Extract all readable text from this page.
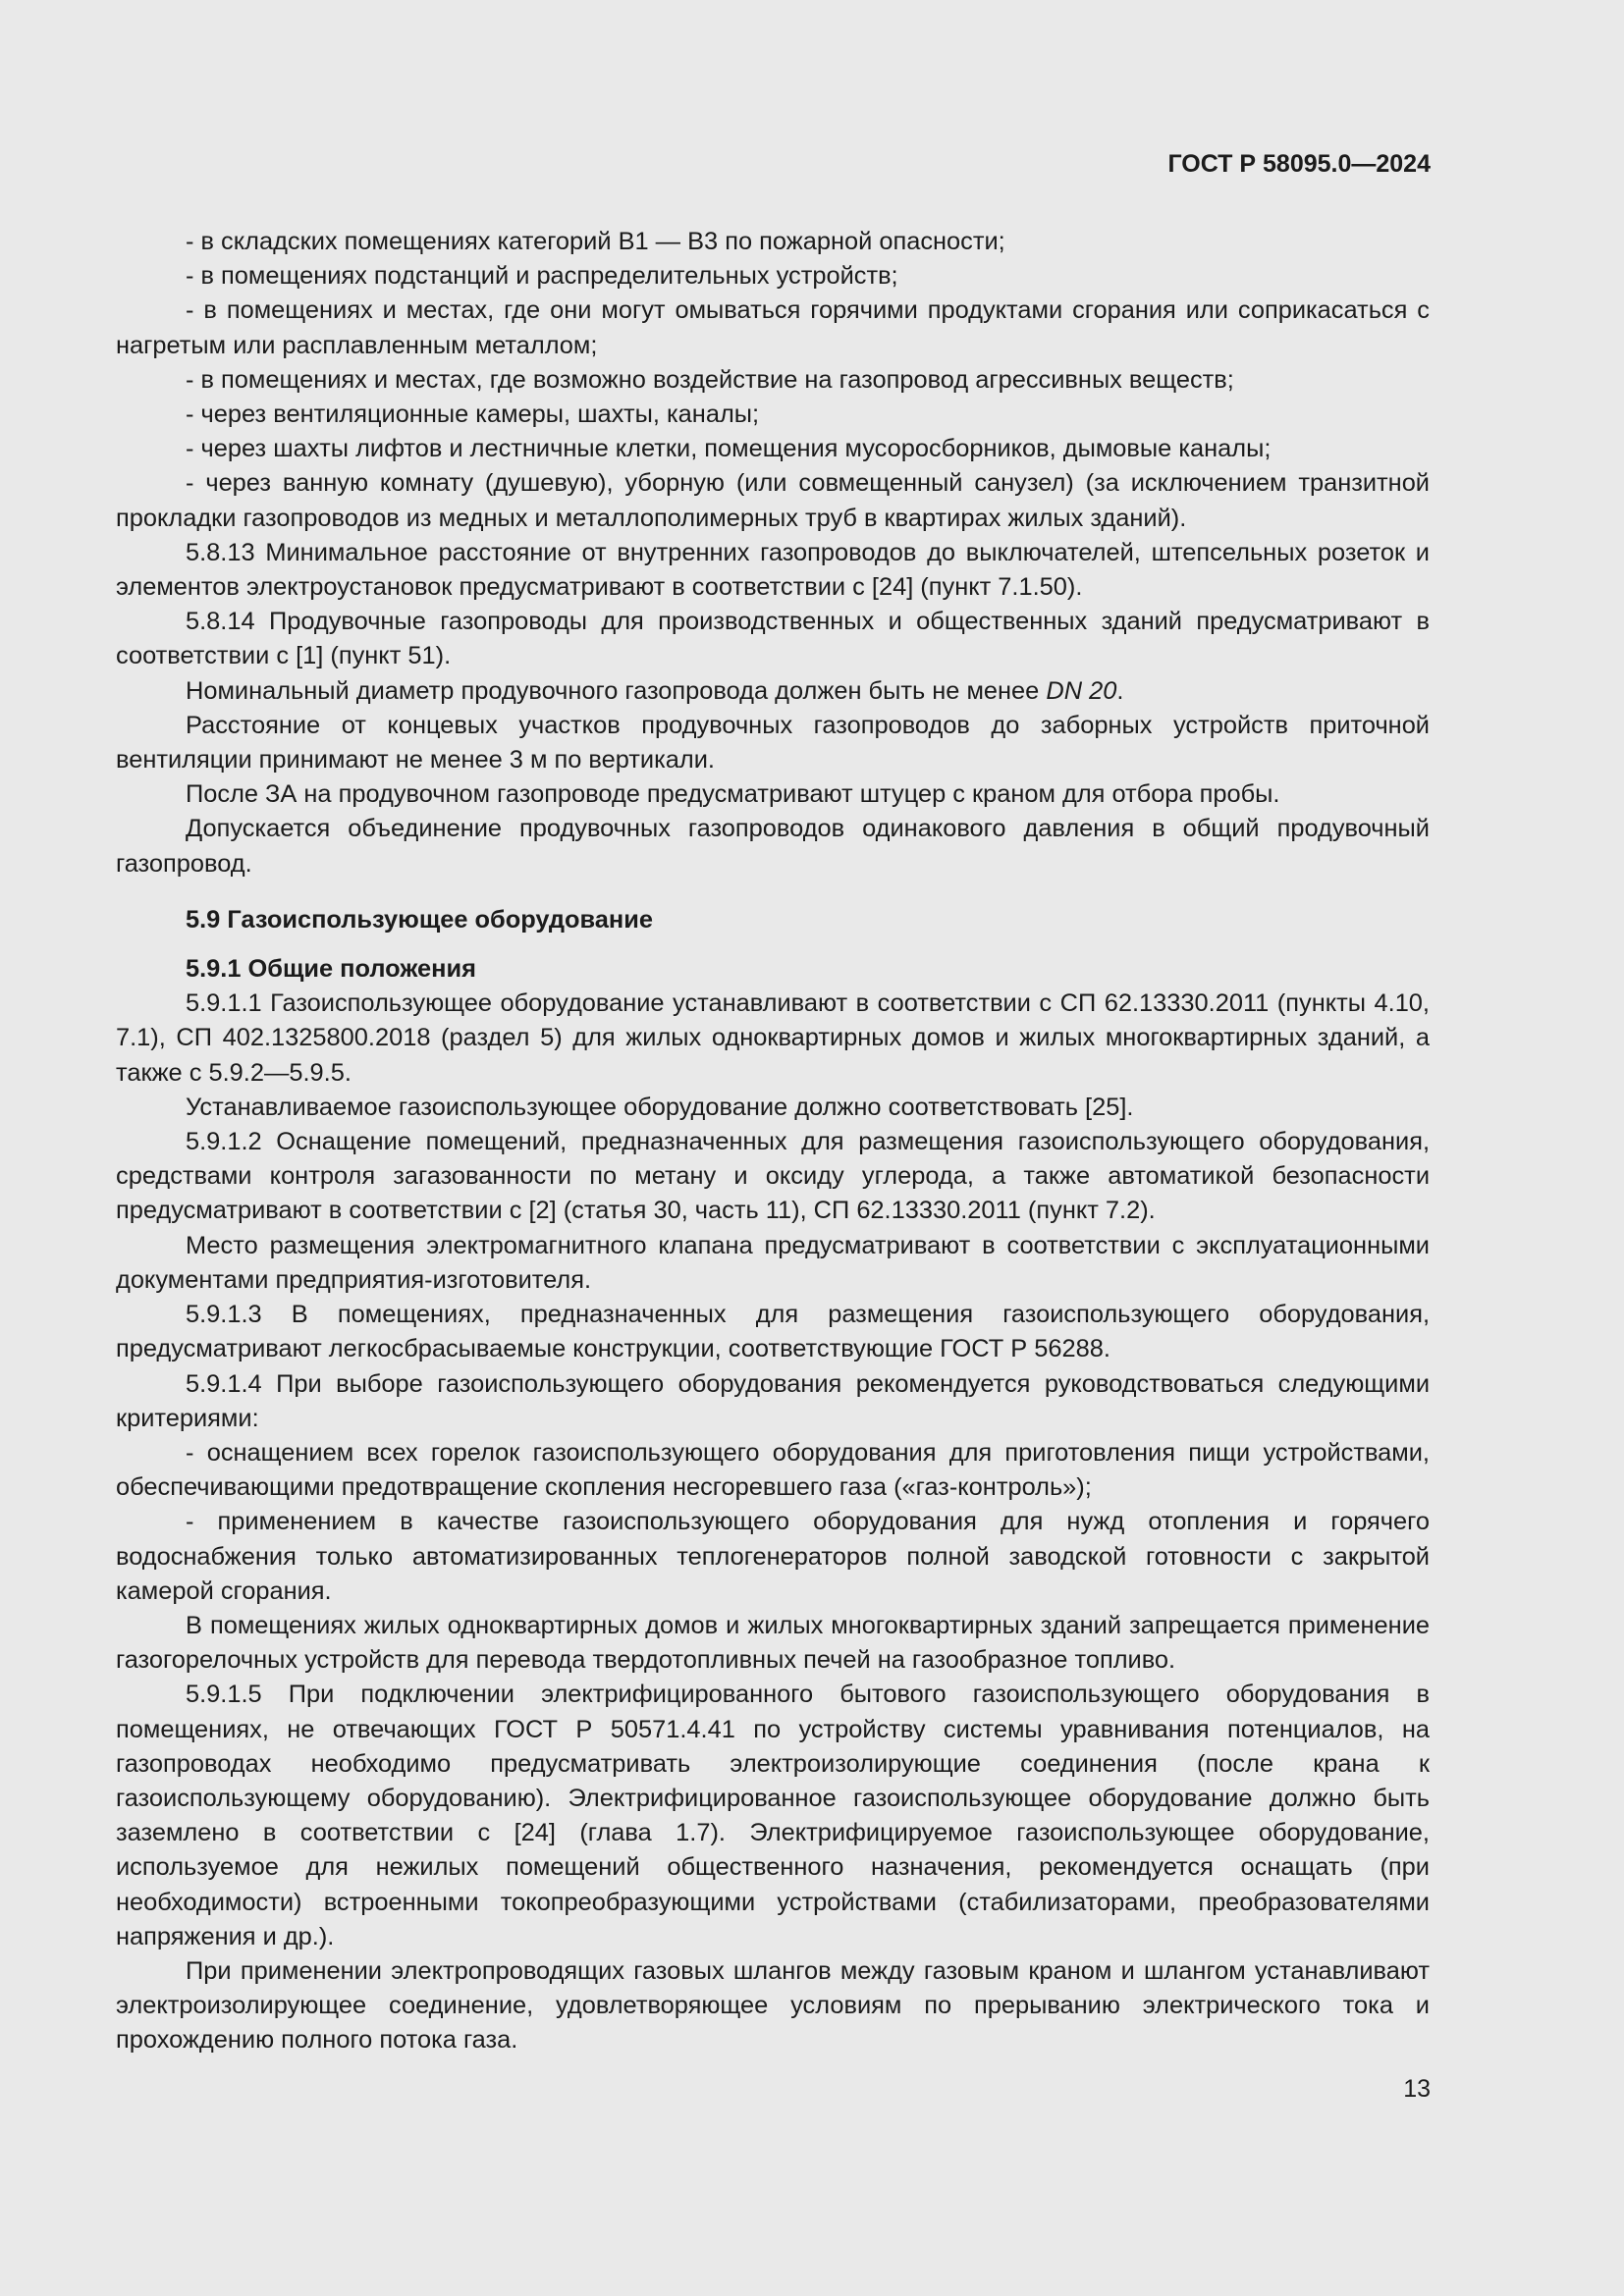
ГОСТ Р 58095.0—2024

- в складских помещениях категорий В1 — В3 по пожарной опасности;

- в помещениях подстанций и распределительных устройств;

- в помещениях и местах, где они могут омываться горячими продуктами сгорания или соприкасаться с нагретым или расплавленным металлом;

- в помещениях и местах, где возможно воздействие на газопровод агрессивных веществ;

- через вентиляционные камеры, шахты, каналы;

- через шахты лифтов и лестничные клетки, помещения мусоросборников, дымовые каналы;

- через ванную комнату (душевую), уборную (или совмещенный санузел) (за исключением транзитной прокладки газопроводов из медных и металлополимерных труб в квартирах жилых зданий).

5.8.13 Минимальное расстояние от внутренних газопроводов до выключателей, штепсельных розеток и элементов электроустановок предусматривают в соответствии с [24] (пункт 7.1.50).

5.8.14 Продувочные газопроводы для производственных и общественных зданий предусматривают в соответствии с [1] (пункт 51).

Номинальный диаметр продувочного газопровода должен быть не менее DN 20.

Расстояние от концевых участков продувочных газопроводов до заборных устройств приточной вентиляции принимают не менее 3 м по вертикали.

После ЗА на продувочном газопроводе предусматривают штуцер с краном для отбора пробы.

Допускается объединение продувочных газопроводов одинакового давления в общий продувочный газопровод.

5.9 Газоиспользующее оборудование
5.9.1 Общие положения

5.9.1.1 Газоиспользующее оборудование устанавливают в соответствии с СП 62.13330.2011 (пункты 4.10, 7.1), СП 402.1325800.2018 (раздел 5) для жилых одноквартирных домов и жилых многоквартирных зданий, а также с 5.9.2—5.9.5.

Устанавливаемое газоиспользующее оборудование должно соответствовать [25].

5.9.1.2 Оснащение помещений, предназначенных для размещения газоиспользующего оборудования, средствами контроля загазованности по метану и оксиду углерода, а также автоматикой безопасности предусматривают в соответствии с [2] (статья 30, часть 11), СП 62.13330.2011 (пункт 7.2).

Место размещения электромагнитного клапана предусматривают в соответствии с эксплуатационными документами предприятия-изготовителя.

5.9.1.3 В помещениях, предназначенных для размещения газоиспользующего оборудования, предусматривают легкосбрасываемые конструкции, соответствующие ГОСТ Р 56288.

5.9.1.4 При выборе газоиспользующего оборудования рекомендуется руководствоваться следующими критериями:

- оснащением всех горелок газоиспользующего оборудования для приготовления пищи устройствами, обеспечивающими предотвращение скопления несгоревшего газа («газ-контроль»);

- применением в качестве газоиспользующего оборудования для нужд отопления и горячего водоснабжения только автоматизированных теплогенераторов полной заводской готовности с закрытой камерой сгорания.

В помещениях жилых одноквартирных домов и жилых многоквартирных зданий запрещается применение газогорелочных устройств для перевода твердотопливных печей на газообразное топливо.

5.9.1.5 При подключении электрифицированного бытового газоиспользующего оборудования в помещениях, не отвечающих ГОСТ Р 50571.4.41 по устройству системы уравнивания потенциалов, на газопроводах необходимо предусматривать электроизолирующие соединения (после крана к газоиспользующему оборудованию). Электрифицированное газоиспользующее оборудование должно быть заземлено в соответствии с [24] (глава 1.7). Электрифицируемое газоиспользующее оборудование, используемое для нежилых помещений общественного назначения, рекомендуется оснащать (при необходимости) встроенными токопреобразующими устройствами (стабилизаторами, преобразователями напряжения и др.).

При применении электропроводящих газовых шлангов между газовым краном и шлангом устанавливают электроизолирующее соединение, удовлетворяющее условиям по прерыванию электрического тока и прохождению полного потока газа.

13
